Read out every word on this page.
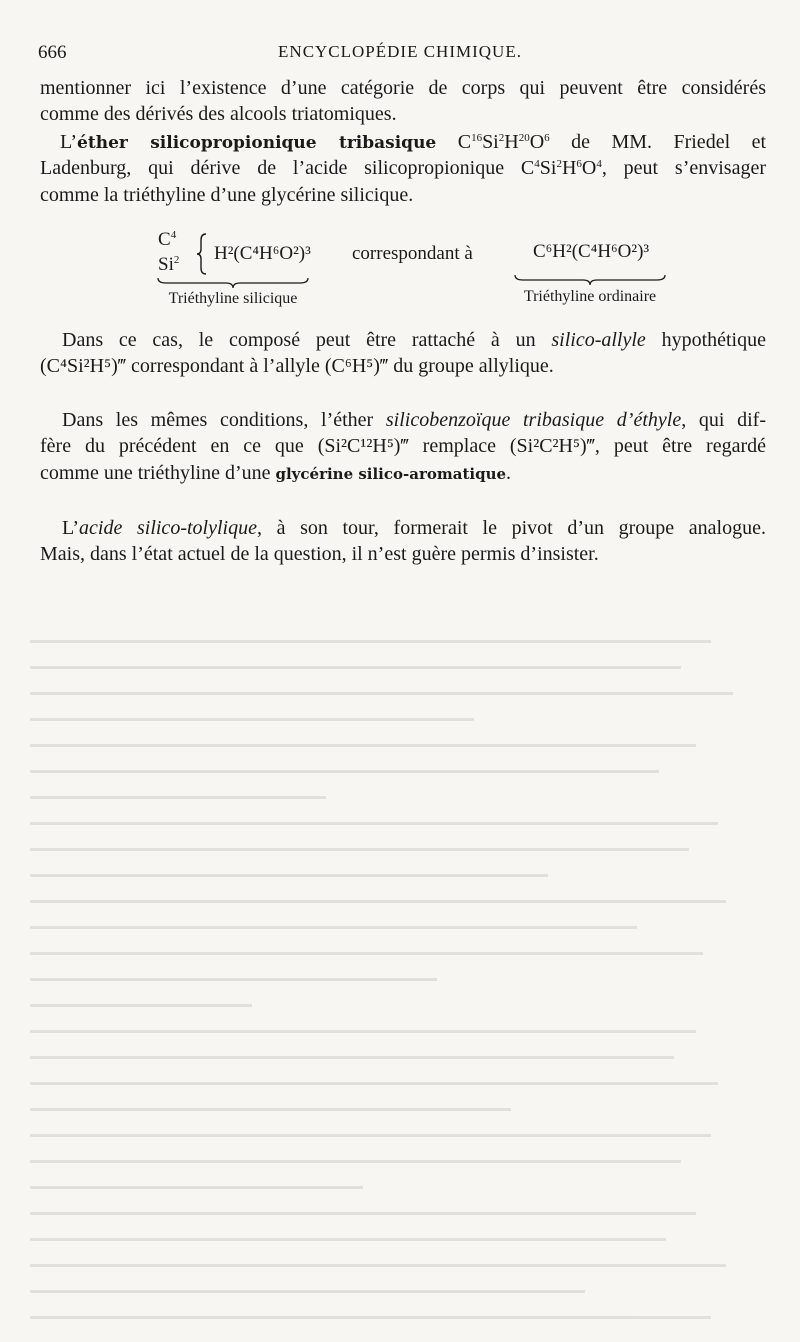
666	ENCYCLOPÉDIE CHIMIQUE.
mentionner ici l’existence d’une catégorie de corps qui peuvent être considérés
comme des dérivés des alcools triatomiques.
L’éther silicopropionique tribasique $C^{16}Si^2H^{20}O^6$ de MM. Friedel et
Ladenburg, qui dérive de l’acide silicopropionique $C^4Si^2H^6O^4$, peut s’envisager
comme la triéthyline d’une glycérine silicique.
$C^4$
Si$^2$ H²(C⁴H⁶O²)³ correspondant à	C⁶H²(C⁴H⁶O²)³
Triéthyline silicique	Triéthyline ordinaire
Dans ce cas, le composé peut être rattaché à un silico-allyle hypothétique
(C⁴Si²H⁵)‴ correspondant à l’allyle (C⁶H⁵)‴ du groupe allylique.
Dans les mêmes conditions, l’éther silicobenzoïque tribasique d’éthyle, qui dif-
fère du précédent en ce que (Si²C¹²H⁵)‴ remplace (Si²C²H⁵)‴, peut être regardé
comme une triéthyline d’une glycérine silico-aromatique.
L’acide silico-tolylique, à son tour, formerait le pivot d’un groupe analogue.
Mais, dans l’état actuel de la question, il n’est guère permis d’insister.
